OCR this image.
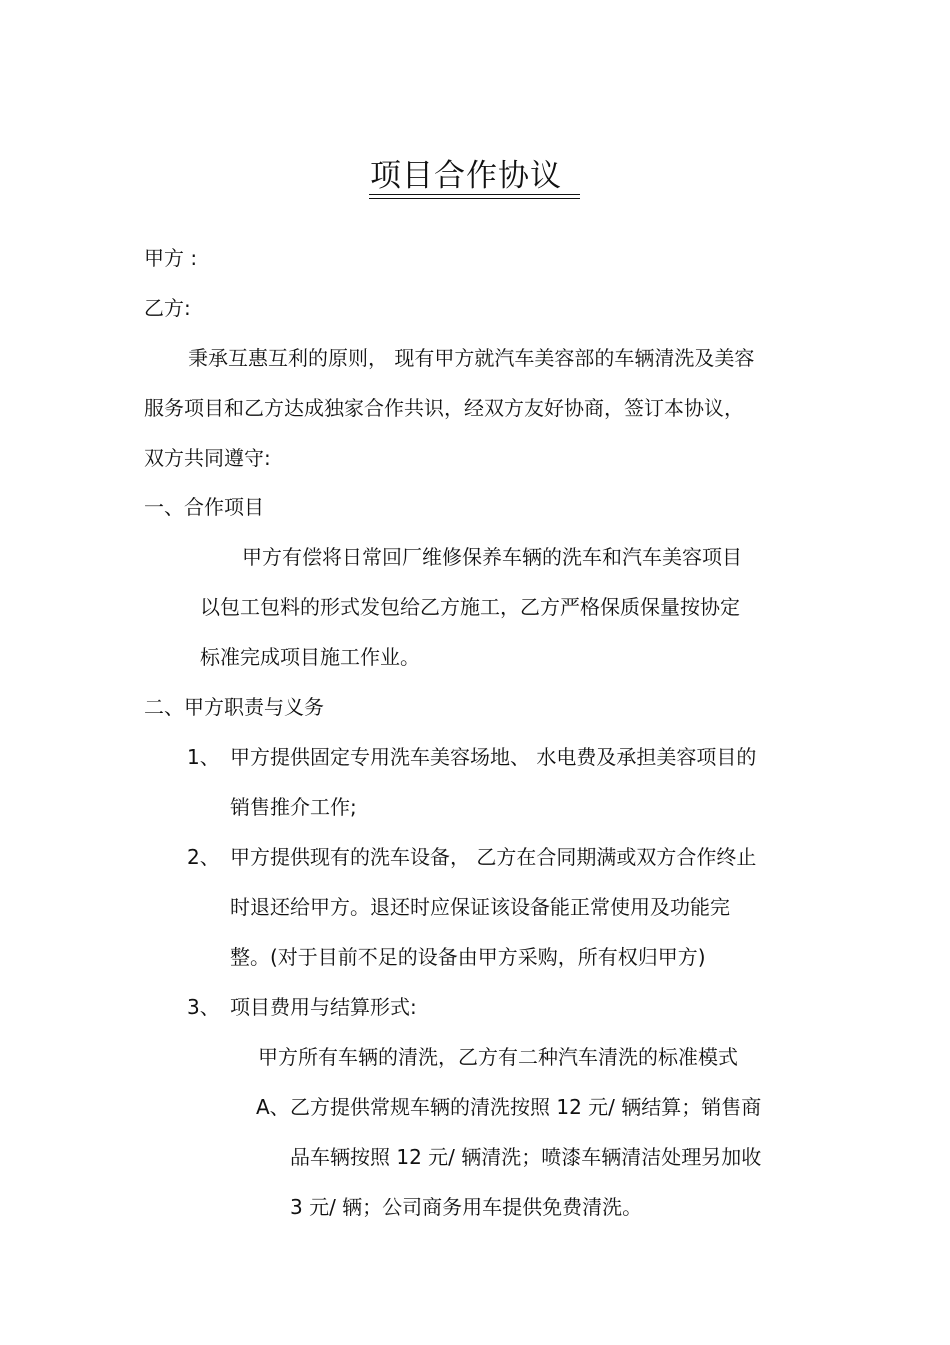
项目合作协议
甲方 :
乙方:
秉承互惠互利的原则， 现有甲方就汽车美容部的车辆清洗及美容
服务项目和乙方达成独家合作共识，经双方友好协商，签订本协议，
双方共同遵守:
一、合作项目
甲方有偿将日常回厂维修保养车辆的洗车和汽车美容项目
以包工包料的形式发包给乙方施工，乙方严格保质保量按协定
标准完成项目施工作业。
二、甲方职责与义务
1、 甲方提供固定专用洗车美容场地、 水电费及承担美容项目的
销售推介工作;
2、 甲方提供现有的洗车设备， 乙方在合同期满或双方合作终止
时退还给甲方。退还时应保证该设备能正常使用及功能完
整。(对于目前不足的设备由甲方采购，所有权归甲方)
3、 项目费用与结算形式:
甲方所有车辆的清洗，乙方有二种汽车清洗的标准模式
A、 乙方提供常规车辆的清洗按照 12 元/ 辆结算；销售商
品车辆按照 12 元/ 辆清洗；喷漆车辆清洁处理另加收
3 元/ 辆；公司商务用车提供免费清洗。
